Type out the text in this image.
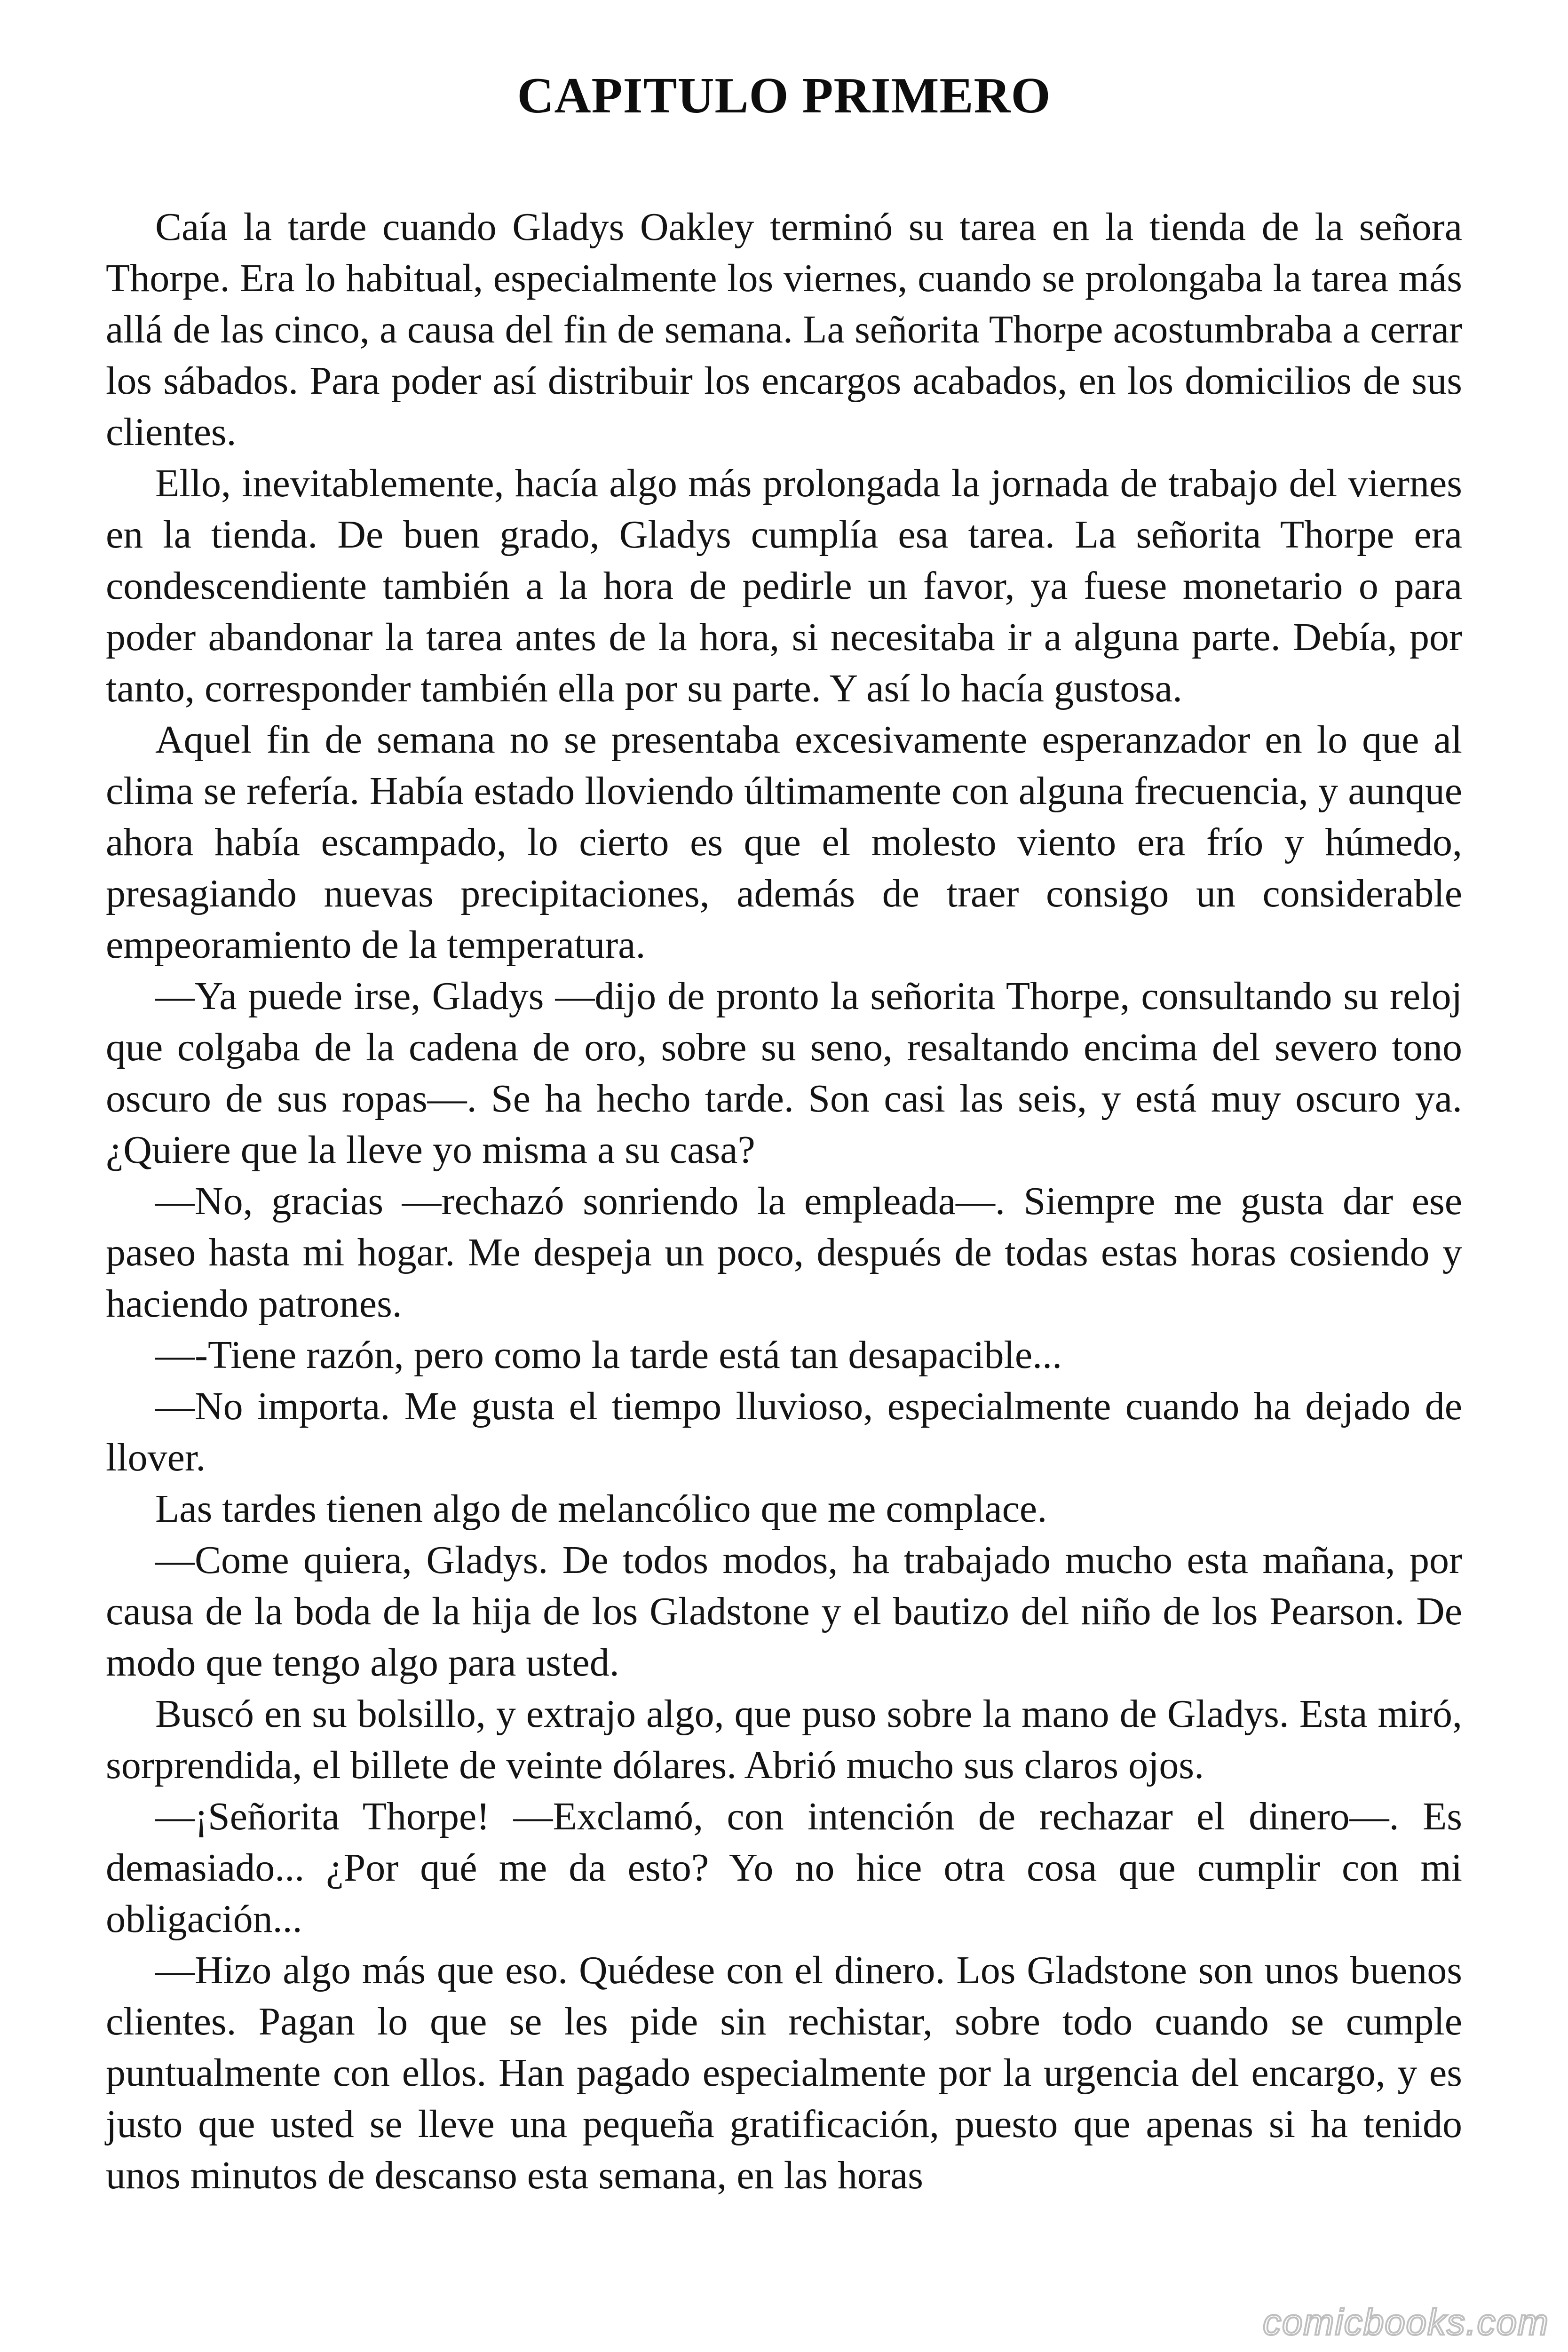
CAPITULO PRIMERO

Caía la tarde cuando Gladys Oakley terminó su tarea en la tienda de la señora Thorpe. Era lo habitual, especialmente los viernes, cuando se prolongaba la tarea más allá de las cinco, a causa del fin de semana. La señorita Thorpe acostumbraba a cerrar los sábados. Para poder así distribuir los encargos acabados, en los domicilios de sus clientes.

Ello, inevitablemente, hacía algo más prolongada la jornada de trabajo del viernes en la tienda. De buen grado, Gladys cumplía esa tarea. La señorita Thorpe era condescendiente también a la hora de pedirle un favor, ya fuese monetario o para poder abandonar la tarea antes de la hora, si necesitaba ir a alguna parte. Debía, por tanto, corresponder también ella por su parte. Y así lo hacía gustosa.

Aquel fin de semana no se presentaba excesivamente esperanzador en lo que al clima se refería. Había estado lloviendo últimamente con alguna frecuencia, y aunque ahora había escampado, lo cierto es que el molesto viento era frío y húmedo, presagiando nuevas precipitaciones, además de traer consigo un considerable empeoramiento de la temperatura.

—Ya puede irse, Gladys —dijo de pronto la señorita Thorpe, consultando su reloj que colgaba de la cadena de oro, sobre su seno, resaltando encima del severo tono oscuro de sus ropas—. Se ha hecho tarde. Son casi las seis, y está muy oscuro ya. ¿Quiere que la lleve yo misma a su casa?

—No, gracias —rechazó sonriendo la empleada—. Siempre me gusta dar ese paseo hasta mi hogar. Me despeja un poco, después de todas estas horas cosiendo y haciendo patrones.

—-Tiene razón, pero como la tarde está tan desapacible...

—No importa. Me gusta el tiempo lluvioso, especialmente cuando ha dejado de llover.

Las tardes tienen algo de melancólico que me complace.

—Come quiera, Gladys. De todos modos, ha trabajado mucho esta mañana, por causa de la boda de la hija de los Gladstone y el bautizo del niño de los Pearson. De modo que tengo algo para usted.

Buscó en su bolsillo, y extrajo algo, que puso sobre la mano de Gladys. Esta miró, sorprendida, el billete de veinte dólares. Abrió mucho sus claros ojos.

—¡Señorita Thorpe! —Exclamó, con intención de rechazar el dinero—. Es demasiado... ¿Por qué me da esto? Yo no hice otra cosa que cumplir con mi obligación...

—Hizo algo más que eso. Quédese con el dinero. Los Gladstone son unos buenos clientes. Pagan lo que se les pide sin rechistar, sobre todo cuando se cumple puntualmente con ellos. Han pagado especialmente por la urgencia del encargo, y es justo que usted se lleve una pequeña gratificación, puesto que apenas si ha tenido unos minutos de descanso esta semana, en las horas

comicbooks.com
